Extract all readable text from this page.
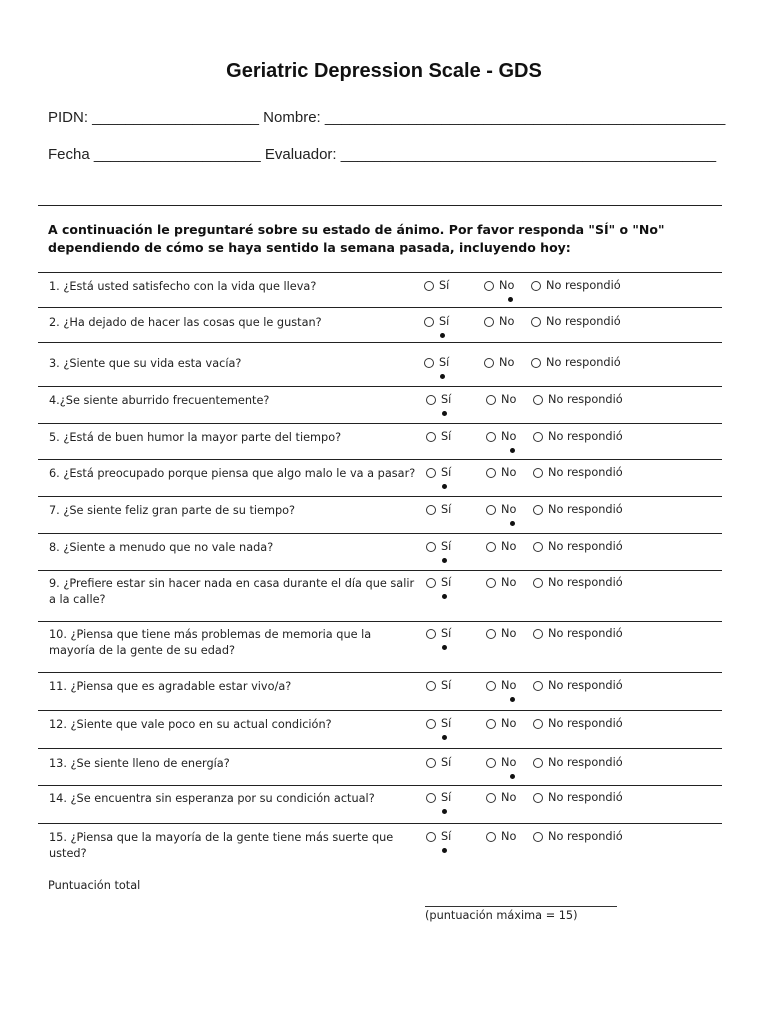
Geriatric Depression Scale - GDS
PIDN: ____________________ Nombre: ________________________________________________
Fecha ____________________ Evaluador: _____________________________________________
A continuación le preguntaré sobre su estado de ánimo. Por favor responda "SÍ" o "No" dependiendo de cómo se haya sentido la semana pasada, incluyendo hoy:
1. ¿Está usted satisfecho con la vida que lleva?	Sí	No	No respondió
2. ¿Ha dejado de hacer las cosas que le gustan?	Sí	No	No respondió
3. ¿Siente que su vida esta vacía?	Sí	No	No respondió
4.¿Se siente aburrido frecuentemente?	Sí	No	No respondió
5. ¿Está de buen humor la mayor parte del tiempo?	Sí	No	No respondió
6. ¿Está preocupado porque piensa que algo malo le va a pasar?	Sí	No	No respondió
7. ¿Se siente feliz gran parte de su tiempo?	Sí	No	No respondió
8. ¿Siente a menudo que no vale nada?	Sí	No	No respondió
9. ¿Prefiere estar sin hacer nada en casa durante el día que salir a la calle?
Sí	No	No respondió
10. ¿Piensa que tiene más problemas de memoria que la mayoría de la gente de su edad?
Sí	No	No respondió
11. ¿Piensa que es agradable estar vivo/a?	Sí	No	No respondió
12. ¿Siente que vale poco en su actual condición?	Sí	No	No respondió
13. ¿Se siente lleno de energía?	Sí	No	No respondió
14. ¿Se encuentra sin esperanza por su condición actual?	Sí	No	No respondió
15. ¿Piensa que la mayoría de la gente tiene más suerte que usted?
Sí	No	No respondió
Puntuación total
(puntuación máxima = 15)
